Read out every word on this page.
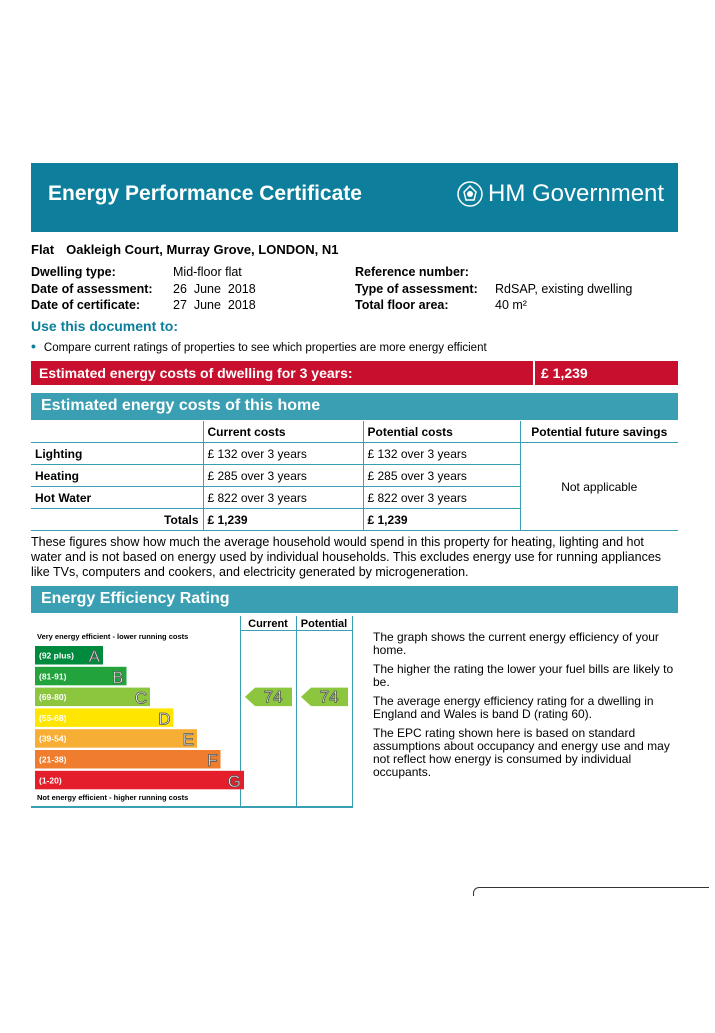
Energy Performance Certificate	HM Government
Flat Oakleigh Court, Murray Grove, LONDON, N1
Dwelling type:	Mid-floor flat
Date of assessment: 26  June  2018
Date of certificate:	27  June  2018
Reference number:
Type of assessment: RdSAP, existing dwelling
Total floor area:	40 m²
Use this document to:
• Compare current ratings of properties to see which properties are more energy efficient
Estimated energy costs of dwelling for 3 years:	£ 1,239
Estimated energy costs of this home
	Current costs	Potential costs	Potential future savings
Lighting	£ 132 over 3 years	£ 132 over 3 years	Not applicable
Heating	£ 285 over 3 years	£ 285 over 3 years	
Hot Water	£ 822 over 3 years	£ 822 over 3 years	
Totals	£ 1,239	£ 1,239	
These figures show how much the average household would spend in this property for heating, lighting and hot water and is not based on energy used by individual households. This excludes energy use for running appliances like TVs, computers and cookers, and electricity generated by microgeneration.
Energy Efficiency Rating
Current Potential
Very energy efficient - lower running costs
Not energy efficient - higher running costs
(92 plus) A
(81-91)	B
(69-80)	C
(55-68)	D
(39-54)	E
(21-38)	F
(1-20)	G
74 74

The graph shows the current energy efficiency of your home.

The higher the rating the lower your fuel bills are likely to be.

The average energy efficiency rating for a dwelling in England and Wales is band D (rating 60).

The EPC rating shown here is based on standard assumptions about occupancy and energy use and may not reflect how energy is consumed by individual occupants.
